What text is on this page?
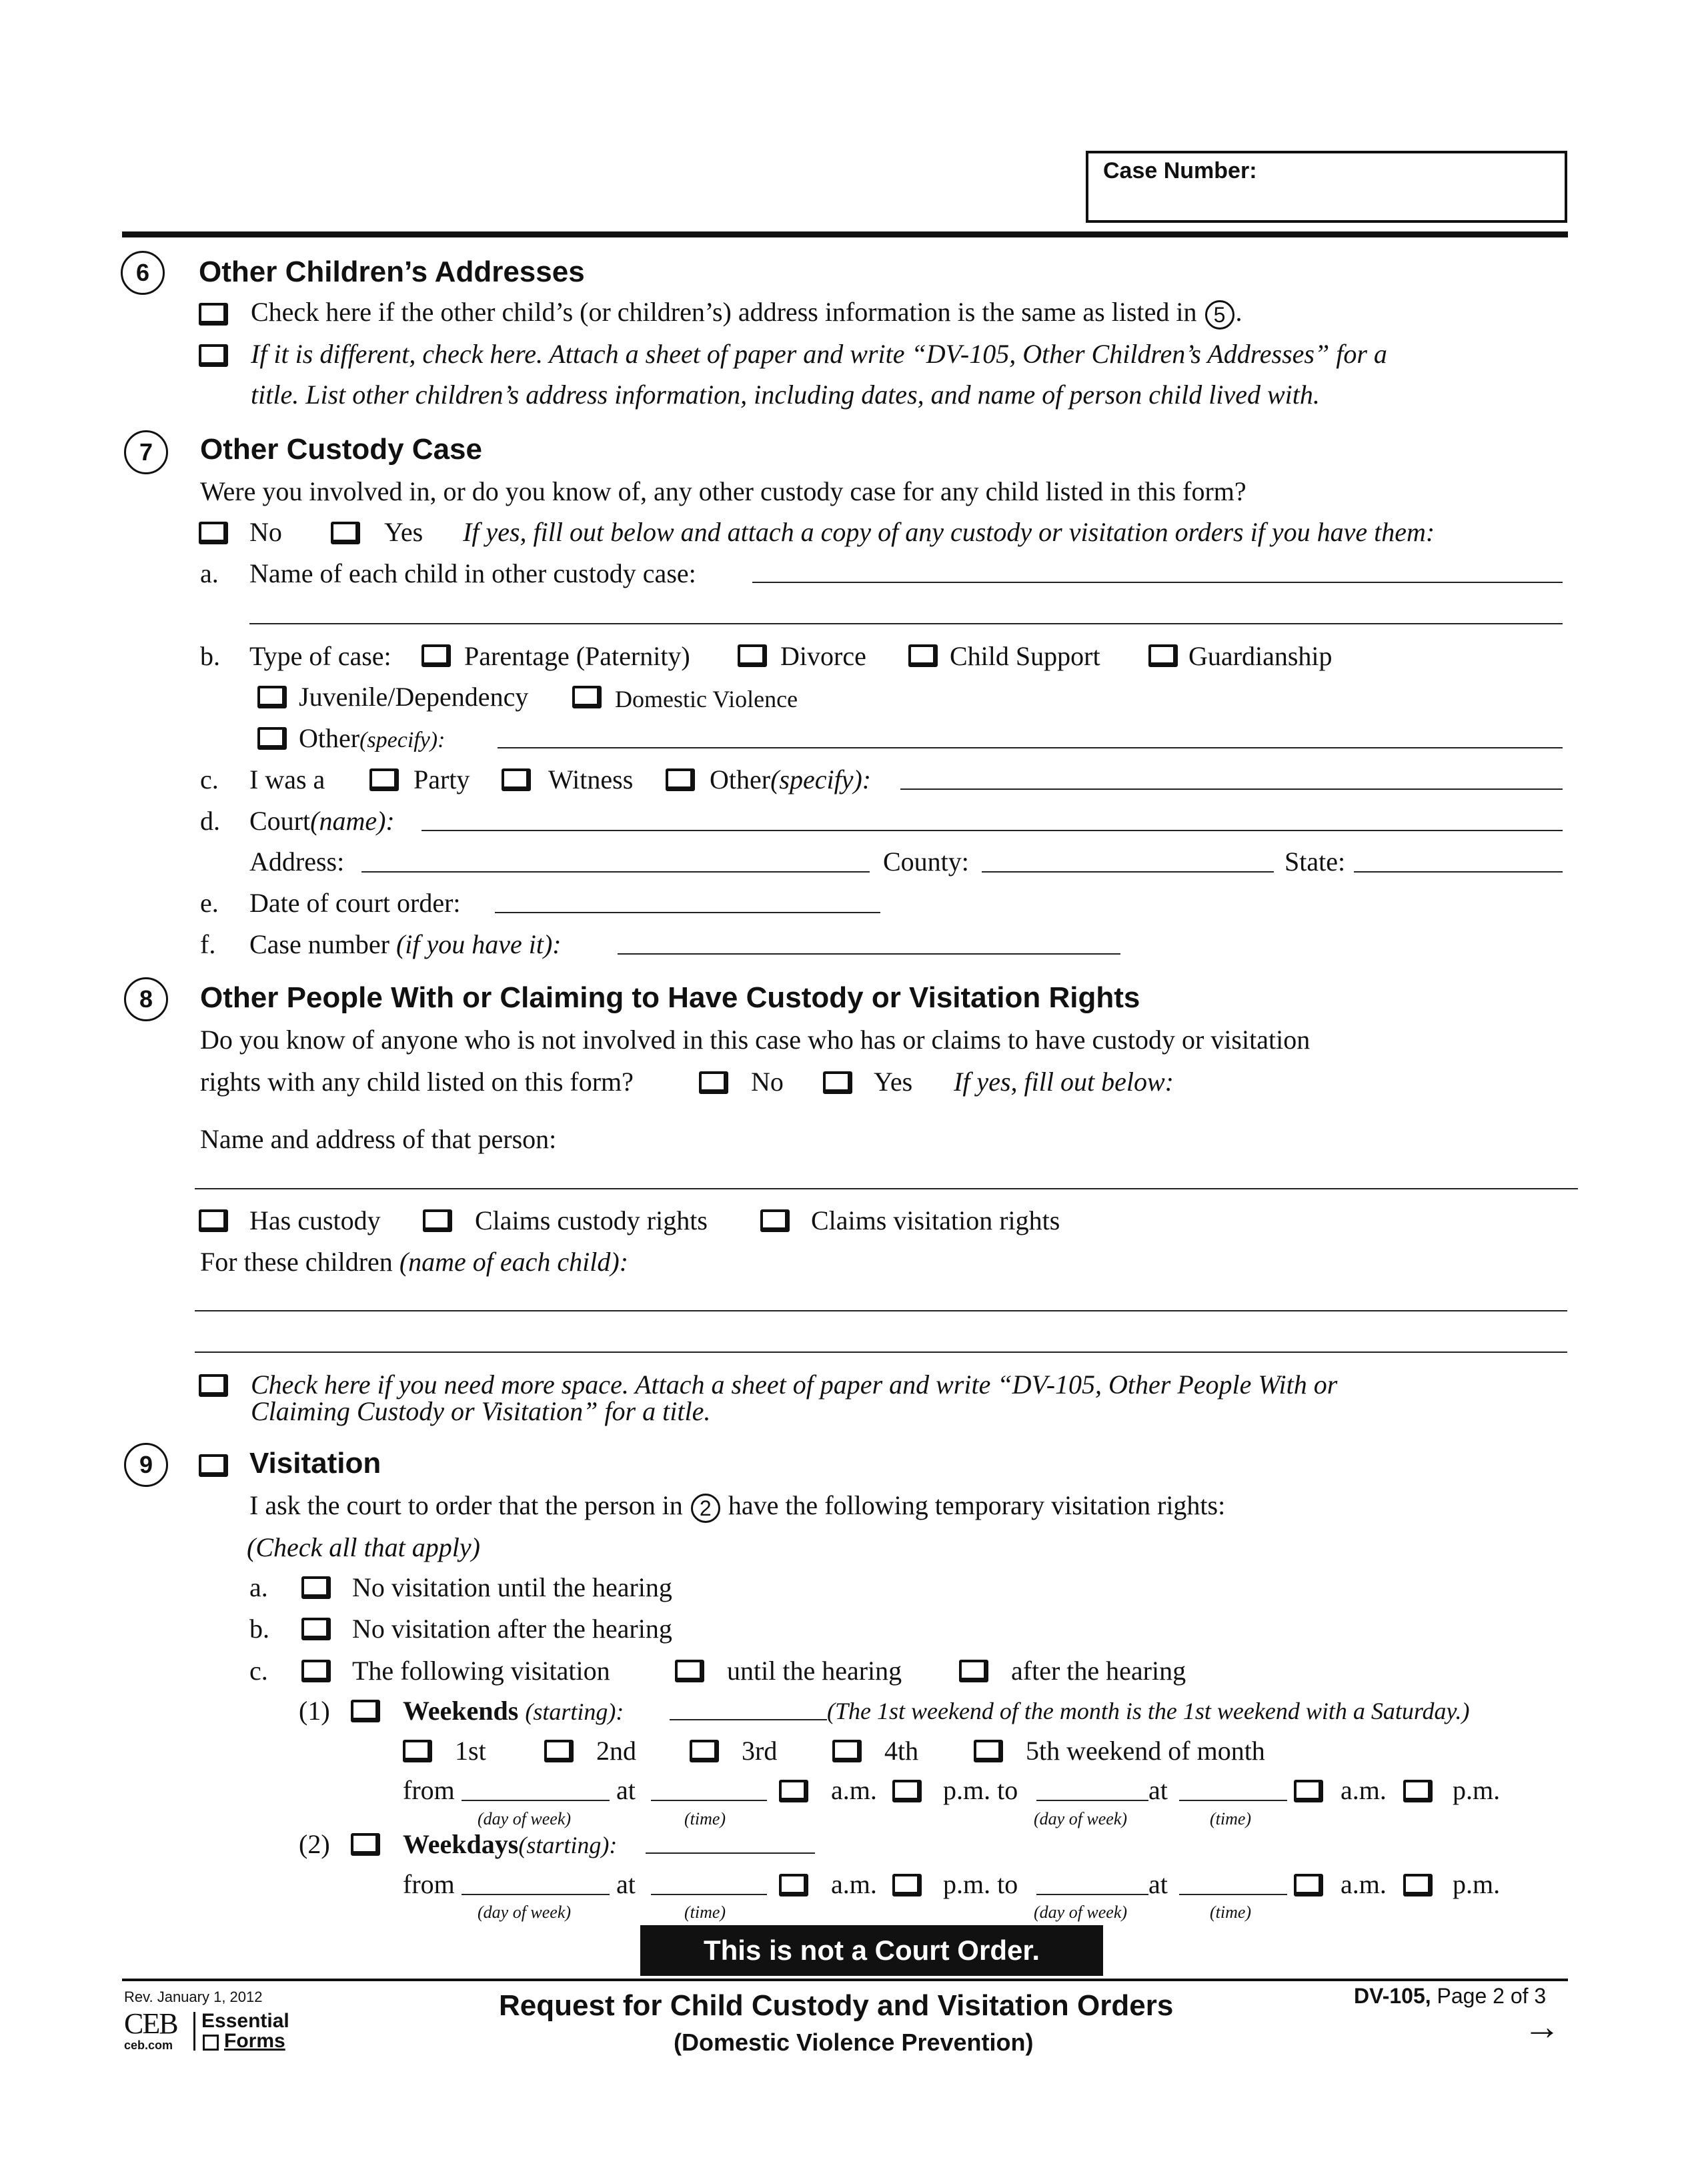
Case Number:
6	Other Children’s Addresses
Check here if the other child’s (or children’s) address information is the same as listed in 5 .
If it is different, check here. Attach a sheet of paper and write “DV-105, Other Children’s Addresses” for a
title. List other children’s address information, including dates, and name of person child lived with.
7	Other Custody Case
Were you involved in, or do you know of, any other custody case for any child listed in this form?
No	Yes If yes, fill out below and attach a copy of any custody or visitation orders if you have them:
a. Name of each child in other custody case:
b. Type of case:	Parentage (Paternity)	Divorce	Child Support	Guardianship
Juvenile/Dependency	Domestic Violence
Other(specify):
c. I was a	Party	Witness	Other(specify):
d. Court(name):
Address:	County:	State:
e. Date of court order:
f. Case number (if you have it):
8	Other People With or Claiming to Have Custody or Visitation Rights
Do you know of anyone who is not involved in this case who has or claims to have custody or visitation
rights with any child listed on this form?	No	Yes If yes, fill out below:
Name and address of that person:
Has custody	Claims custody rights	Claims visitation rights
For these children (name of each child):
Check here if you need more space. Attach a sheet of paper and write “DV-105, Other People With or
Claiming Custody or Visitation” for a title.
9	Visitation
I ask the court to order that the person in 2 have the following temporary visitation rights:
(Check all that apply)
a.	No visitation until the hearing
b.	No visitation after the hearing
c.	The following visitation	until the hearing	after the hearing
(1)	Weekends (starting):	(The 1st weekend of the month is the 1st weekend with a Saturday.)
1st	2nd	3rd	4th	5th weekend of month
from	at	a.m. p.m. to	at	a.m. p.m.
(day of week)	(time)	(day of week)	(time)
(2)	Weekdays(starting):
from	at	a.m. p.m. to	at	a.m. p.m.
(day of week)	(time)	(day of week)	(time)
This is not a Court Order.
Rev. January 1, 2012
CEB
ceb.com
Essential
Forms
Request for Child Custody and Visitation Orders
(Domestic Violence Prevention)
DV-105, Page 2 of 3
→
